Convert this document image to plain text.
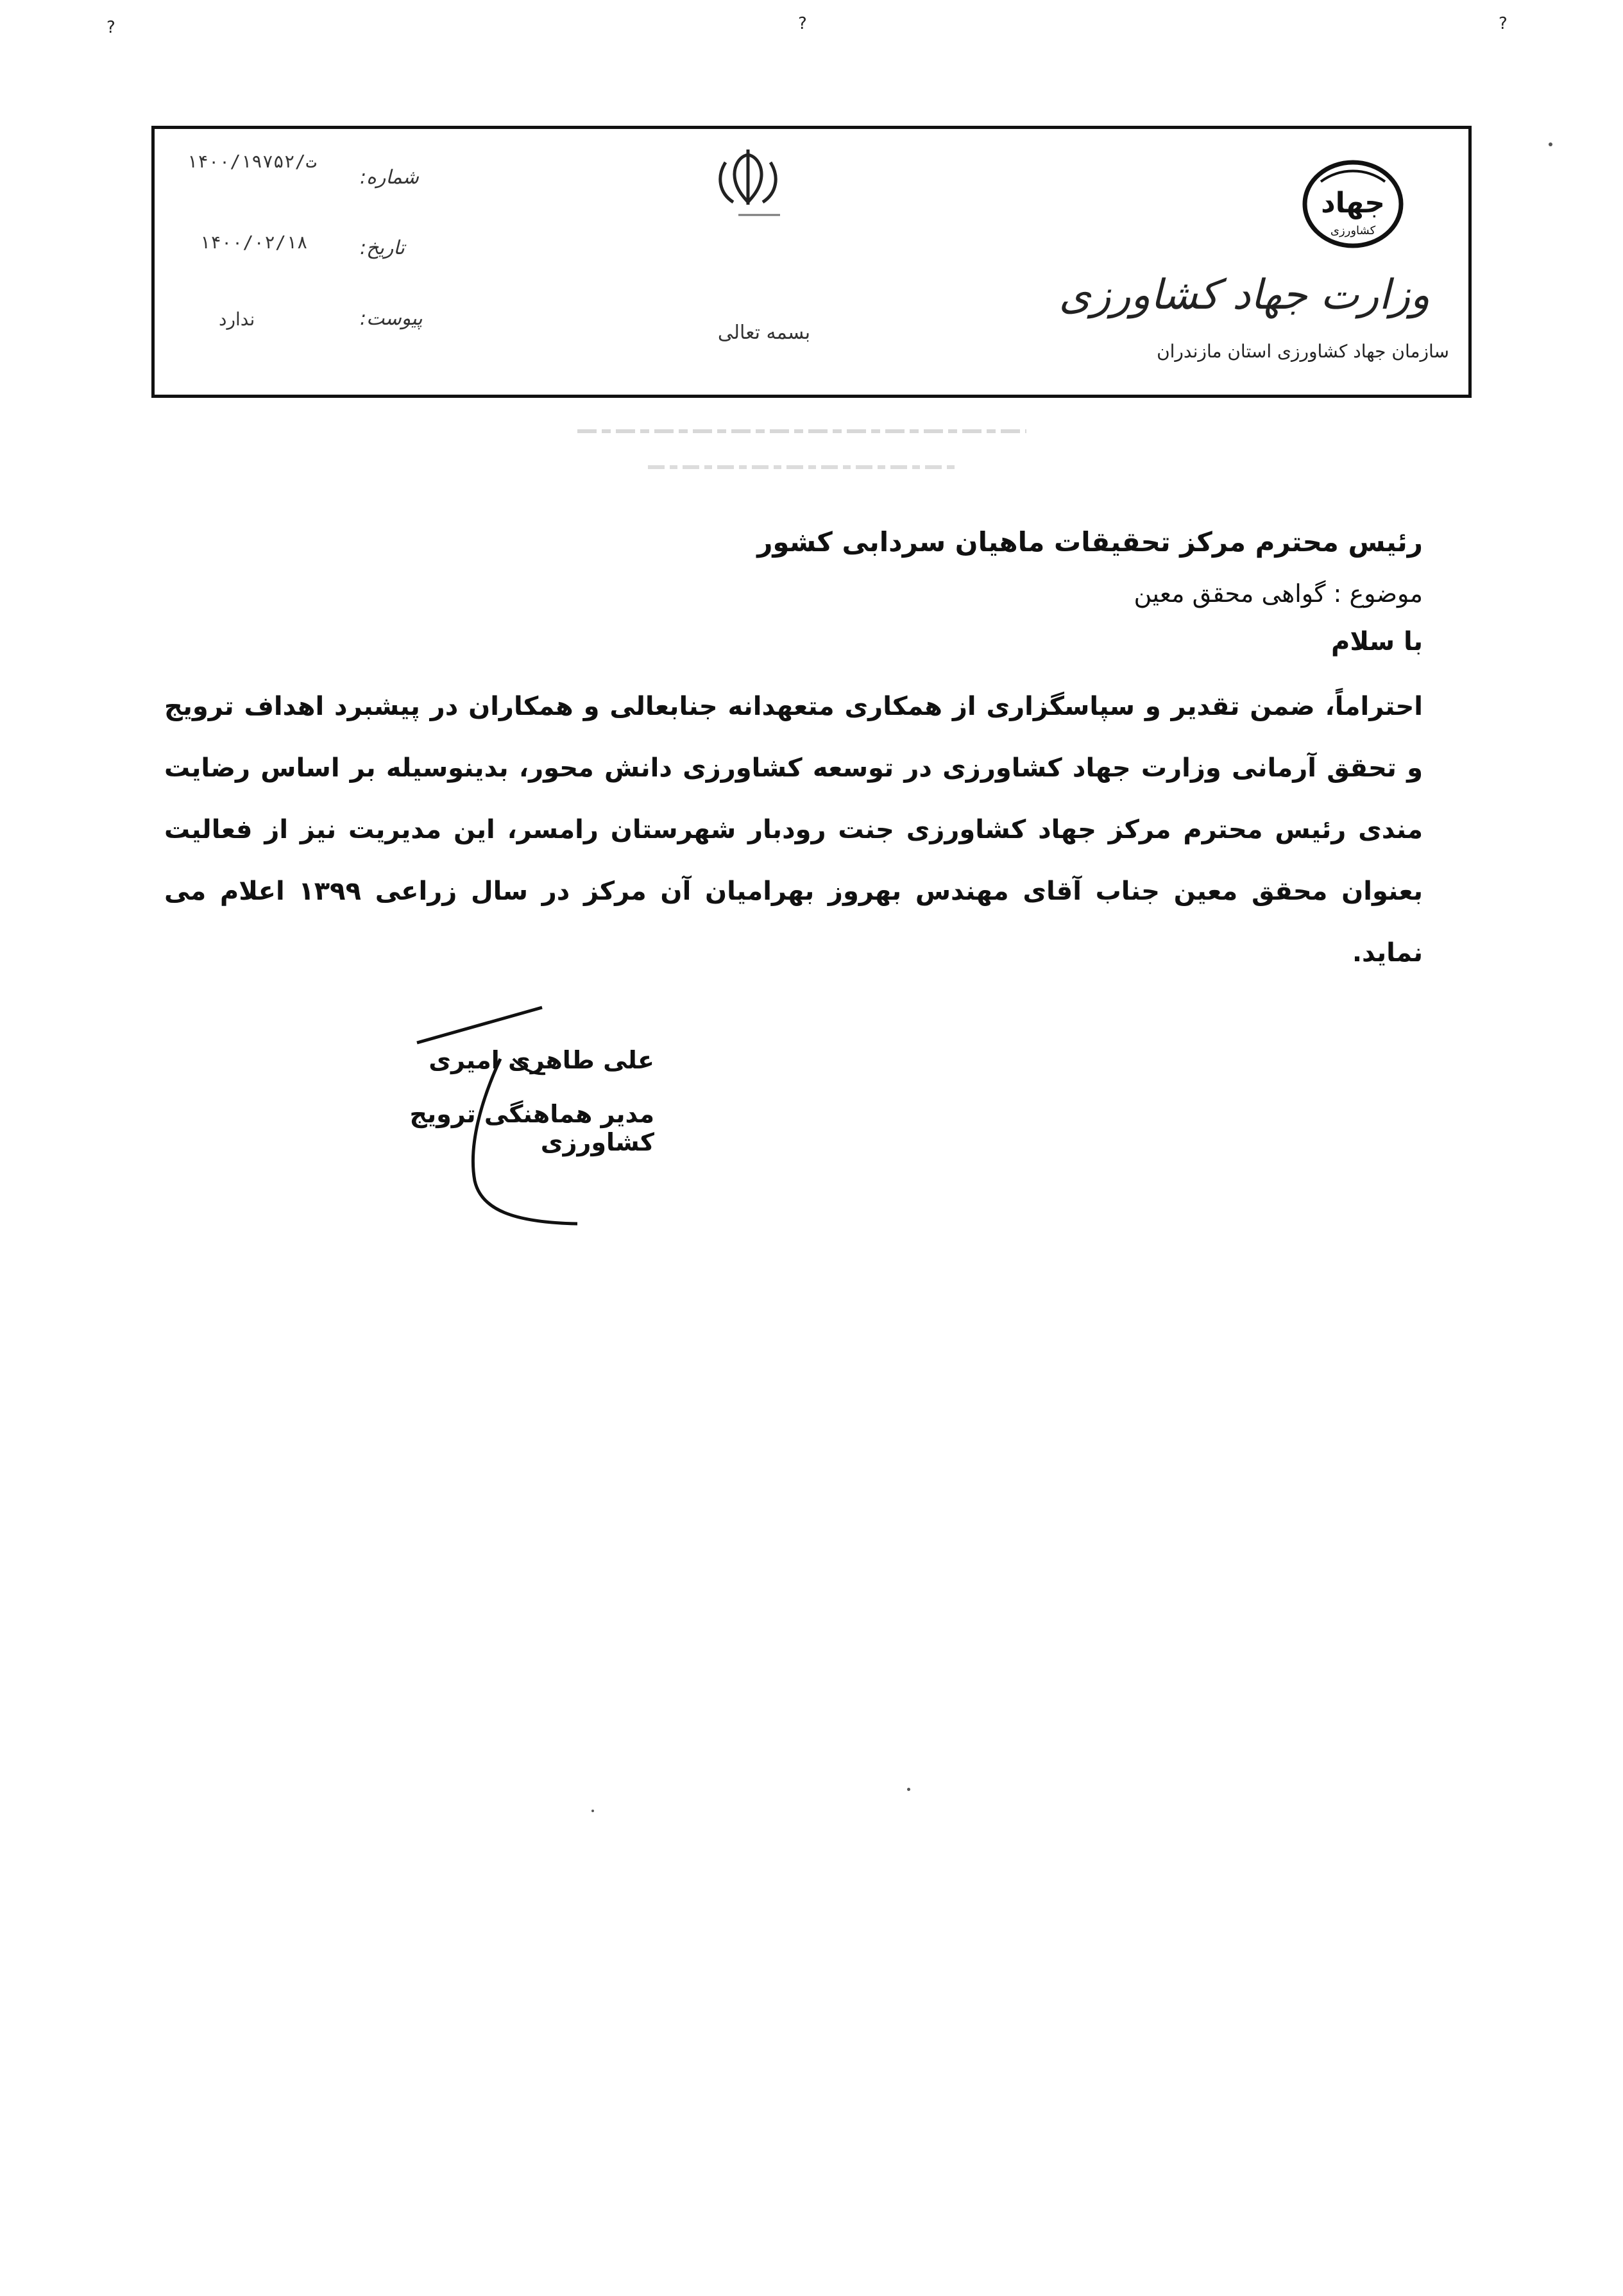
?	?	?
جهاد
کشاورزی
وزارت جهاد کشاورزی
سازمان جهاد کشاورزی استان مازندران
بسمه تعالی
شماره:
۱۴۰۰/ت/۱۹۷۵۲
تاریخ:
۱۴۰۰/۰۲/۱۸
پیوست:
ندارد

رئیس محترم مرکز تحقیقات ماهیان سردابی کشور

موضوع : گواهی محقق معین

با سلام

احتراماً، ضمن تقدیر و سپاسگزاری از همکاری متعهدانه جنابعالی و همکاران در پیشبرد اهداف ترویج و تحقق آرمانی وزارت جهاد کشاورزی در توسعه کشاورزی دانش محور، بدینوسیله بر اساس رضایت مندی رئیس محترم مرکز جهاد کشاورزی جنت رودبار شهرستان رامسر، این مدیریت نیز از فعالیت بعنوان محقق معین جناب آقای مهندس بهروز بهرامیان آن مرکز در سال زراعی ۱۳۹۹ اعلام می نماید.

علی طاهری امیری

مدیر هماهنگی ترویج کشاورزی
